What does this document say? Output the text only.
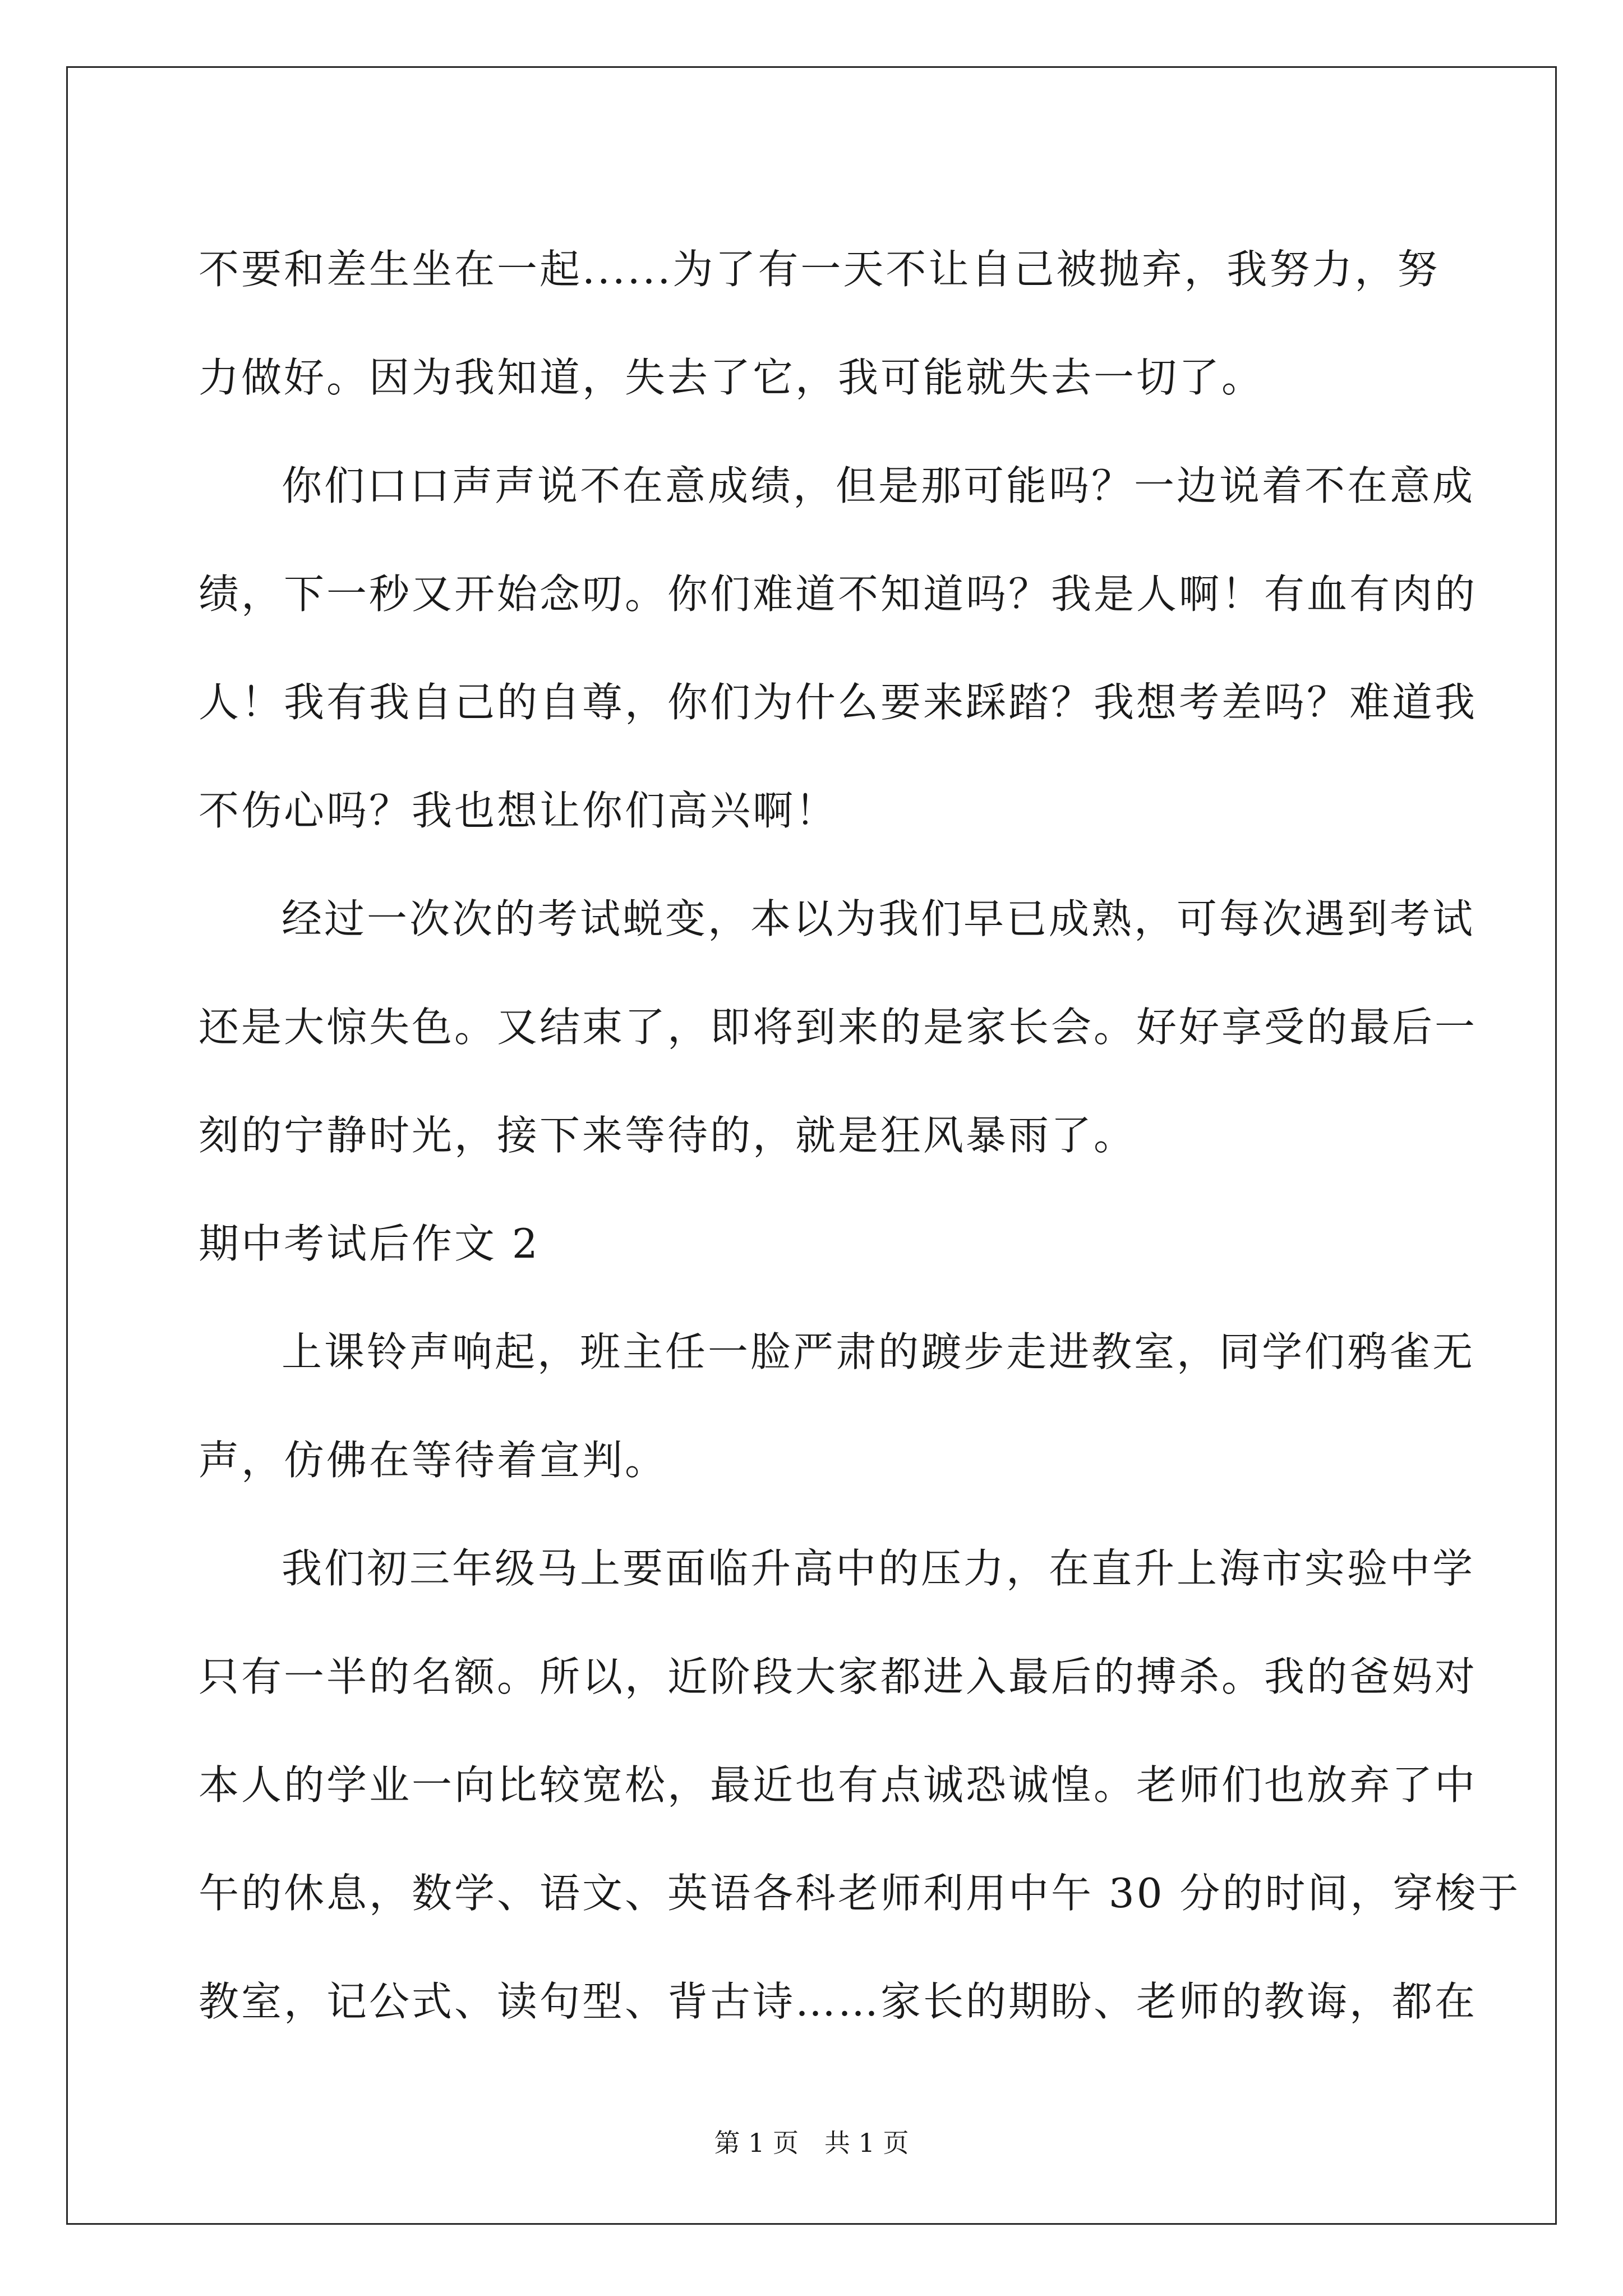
不要和差生坐在一起......为了有一天不让自己被抛弃，我努力，努
力做好。因为我知道，失去了它，我可能就失去一切了。
你们口口声声说不在意成绩，但是那可能吗？一边说着不在意成
绩，下一秒又开始念叨。你们难道不知道吗？我是人啊！有血有肉的
人！我有我自己的自尊，你们为什么要来踩踏？我想考差吗？难道我
不伤心吗？我也想让你们高兴啊！
经过一次次的考试蜕变，本以为我们早已成熟，可每次遇到考试
还是大惊失色。又结束了，即将到来的是家长会。好好享受的最后一
刻的宁静时光，接下来等待的，就是狂风暴雨了。
期中考试后作文 2
上课铃声响起，班主任一脸严肃的踱步走进教室，同学们鸦雀无
声，仿佛在等待着宣判。
我们初三年级马上要面临升高中的压力，在直升上海市实验中学
只有一半的名额。所以，近阶段大家都进入最后的搏杀。我的爸妈对
本人的学业一向比较宽松，最近也有点诚恐诚惶。老师们也放弃了中
午的休息，数学、语文、英语各科老师利用中午 30 分的时间，穿梭于
教室，记公式、读句型、背古诗……家长的期盼、老师的教诲，都在
第 1 页　共 1 页
